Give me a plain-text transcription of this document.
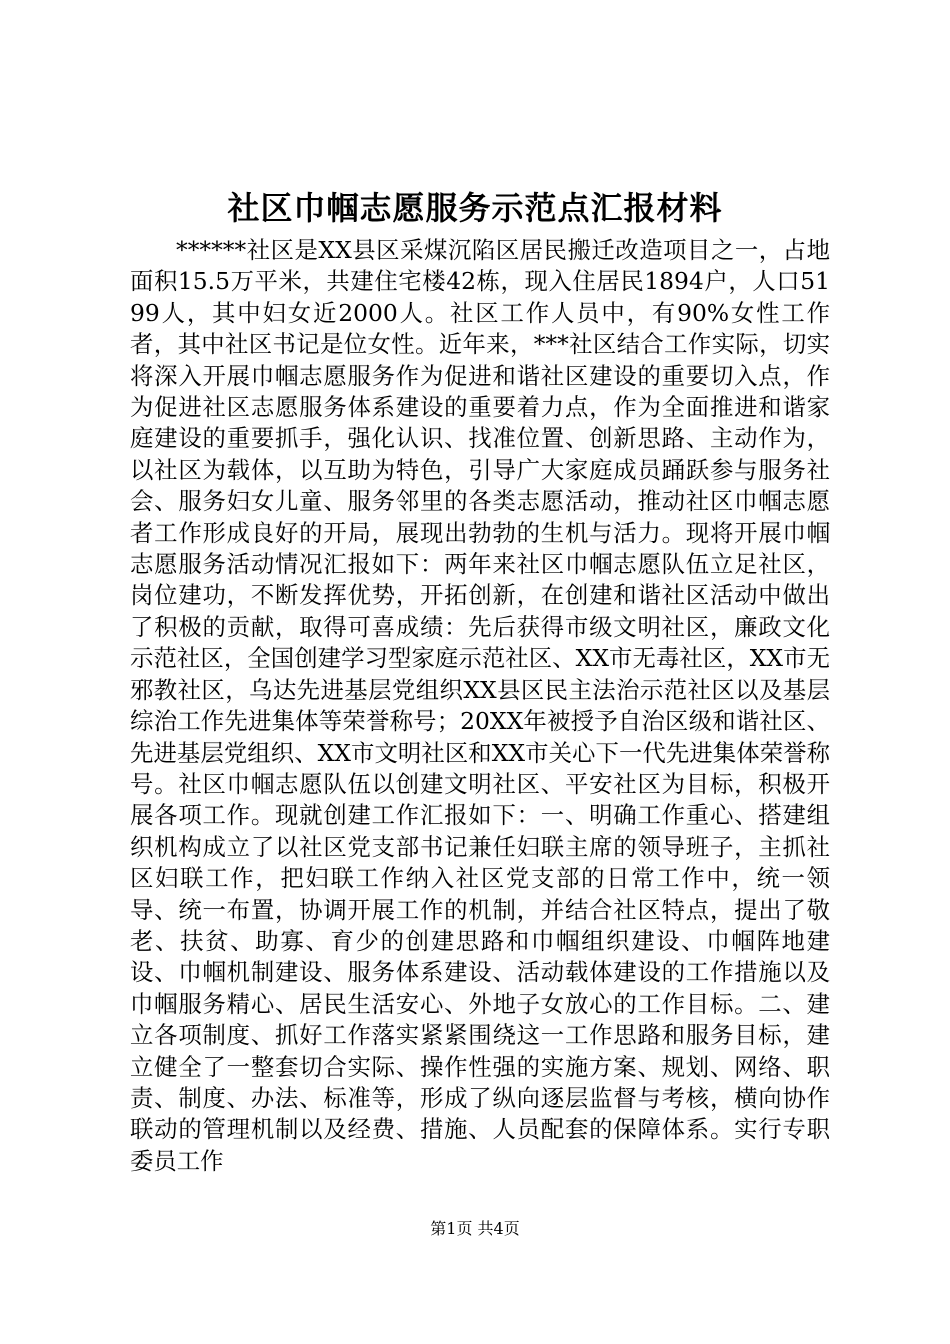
社区巾帼志愿服务示范点汇报材料

******社区是XX县区采煤沉陷区居民搬迁改造项目之一，占地面积15.5万平米，共建住宅楼42栋，现入住居民1894户，人口5199人，其中妇女近2000人。社区工作人员中，有90%女性工作者，其中社区书记是位女性。近年来，***社区结合工作实际，切实将深入开展巾帼志愿服务作为促进和谐社区建设的重要切入点，作为促进社区志愿服务体系建设的重要着力点，作为全面推进和谐家庭建设的重要抓手，强化认识、找准位置、创新思路、主动作为，以社区为载体，以互助为特色，引导广大家庭成员踊跃参与服务社会、服务妇女儿童、服务邻里的各类志愿活动，推动社区巾帼志愿者工作形成良好的开局，展现出勃勃的生机与活力。现将开展巾帼志愿服务活动情况汇报如下：两年来社区巾帼志愿队伍立足社区，岗位建功，不断发挥优势，开拓创新，在创建和谐社区活动中做出了积极的贡献，取得可喜成绩：先后获得市级文明社区，廉政文化示范社区，全国创建学习型家庭示范社区、XX市无毒社区，XX市无邪教社区，乌达先进基层党组织XX县区民主法治示范社区以及基层综治工作先进集体等荣誉称号；20XX年被授予自治区级和谐社区、先进基层党组织、XX市文明社区和XX市关心下一代先进集体荣誉称号。社区巾帼志愿队伍以创建文明社区、平安社区为目标，积极开展各项工作。现就创建工作汇报如下：一、明确工作重心、搭建组织机构成立了以社区党支部书记兼任妇联主席的领导班子，主抓社区妇联工作，把妇联工作纳入社区党支部的日常工作中，统一领导、统一布置，协调开展工作的机制，并结合社区特点，提出了敬老、扶贫、助寡、育少的创建思路和巾帼组织建设、巾帼阵地建设、巾帼机制建设、服务体系建设、活动载体建设的工作措施以及巾帼服务精心、居民生活安心、外地子女放心的工作目标。二、建立各项制度、抓好工作落实紧紧围绕这一工作思路和服务目标，建立健全了一整套切合实际、操作性强的实施方案、规划、网络、职责、制度、办法、标准等，形成了纵向逐层监督与考核，横向协作联动的管理机制以及经费、措施、人员配套的保障体系。实行专职委员工作

第1页 共4页
